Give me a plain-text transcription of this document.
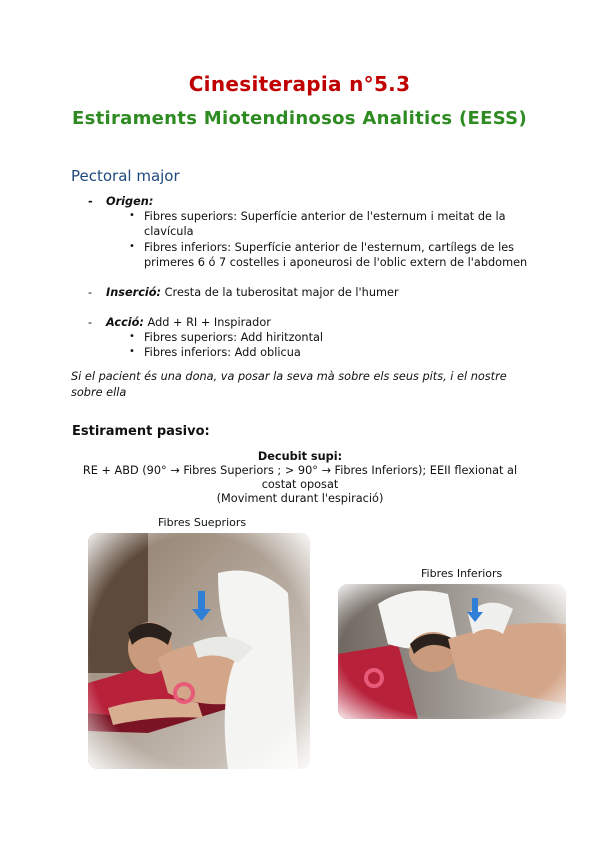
Cinesiterapia n°5.3
Estiraments Miotendinosos Analitics (EESS)
Pectoral major
- Origen:
• Fibres superiors: Superfície anterior de l'esternum i meitat de la
clavícula
• Fibres inferiors: Superfície anterior de l'esternum, cartílegs de les
primeres 6 ó 7 costelles i aponeurosi de l'oblic extern de l'abdomen
- Inserció: Cresta de la tuberositat major de l'humer
- Acció: Add + RI + Inspirador
• Fibres superiors: Add hiritzontal
• Fibres inferiors: Add oblicua
Si el pacient és una dona, va posar la seva mà sobre els seus pits, i el nostre
sobre ella
Estirament pasivo:
Decubit supi:
RE + ABD (90° → Fibres Superiors ; > 90° → Fibres Inferiors); EEII flexionat al
costat oposat
(Moviment durant l'espiració)
Fibres Suepriors
Fibres Inferiors
